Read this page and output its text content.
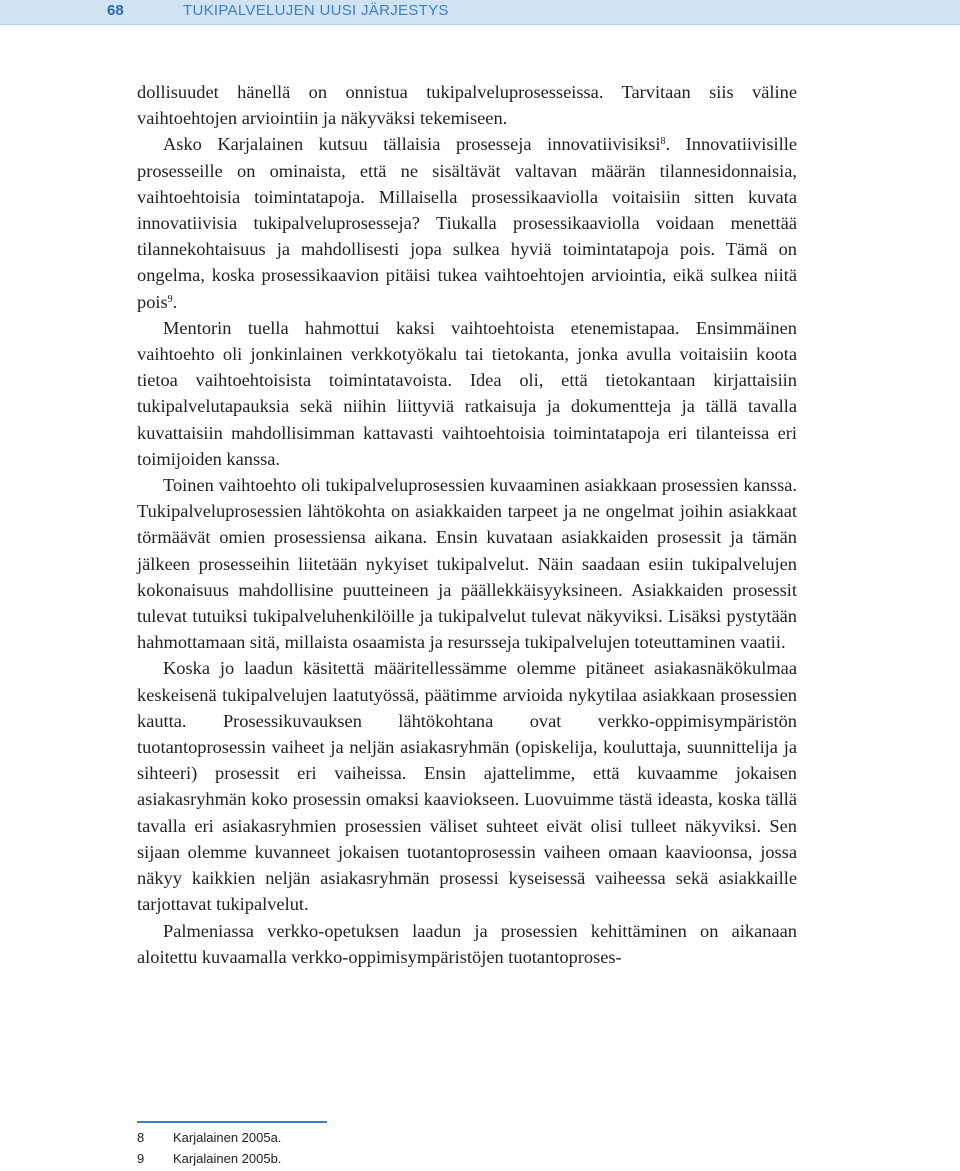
68	TUKIPALVELUJEN UUSI JÄRJESTYS

dollisuudet hänellä on onnistua tukipalveluprosesseissa. Tarvitaan siis väline vaihtoehtojen arviointiin ja näkyväksi tekemiseen.

Asko Karjalainen kutsuu tällaisia prosesseja innovatiivisiksi$^8$. Innovatiivisille prosesseille on ominaista, että ne sisältävät valtavan määrän tilannesidonnaisia, vaihtoehtoisia toimintatapoja. Millaisella prosessikaaviolla voitaisiin sitten kuvata innovatiivisia tukipalveluprosesseja? Tiukalla prosessikaaviolla voidaan menettää tilannekohtaisuus ja mahdollisesti jopa sulkea hyviä toimintatapoja pois. Tämä on ongelma, koska prosessikaavion pitäisi tukea vaihtoehtojen arviointia, eikä sulkea niitä pois$^9$.

Mentorin tuella hahmottui kaksi vaihtoehtoista etenemistapaa. Ensimmäinen vaihtoehto oli jonkinlainen verkkotyökalu tai tietokanta, jonka avulla voitaisiin koota tietoa vaihtoehtoisista toimintatavoista. Idea oli, että tietokantaan kirjattaisiin tukipalvelutapauksia sekä niihin liittyviä ratkaisuja ja dokumentteja ja tällä tavalla kuvattaisiin mahdollisimman kattavasti vaihtoehtoisia toimintatapoja eri tilanteissa eri toimijoiden kanssa.

Toinen vaihtoehto oli tukipalveluprosessien kuvaaminen asiakkaan prosessien kanssa. Tukipalveluprosessien lähtökohta on asiakkaiden tarpeet ja ne ongelmat joihin asiakkaat törmäävät omien prosessiensa aikana. Ensin kuvataan asiakkaiden prosessit ja tämän jälkeen prosesseihin liitetään nykyiset tukipalvelut. Näin saadaan esiin tukipalvelujen kokonaisuus mahdollisine puutteineen ja päällekkäisyyksineen. Asiakkaiden prosessit tulevat tutuiksi tukipalveluhenkilöille ja tukipalvelut tulevat näkyviksi. Lisäksi pystytään hahmottamaan sitä, millaista osaamista ja resursseja tukipalvelujen toteuttaminen vaatii.

Koska jo laadun käsitettä määritellessämme olemme pitäneet asiakasnäkökulmaa keskeisenä tukipalvelujen laatutyössä, päätimme arvioida nykytilaa asiakkaan prosessien kautta. Prosessikuvauksen lähtökohtana ovat verkko-oppimisympäristön tuotantoprosessin vaiheet ja neljän asiakasryhmän (opiskelija, kouluttaja, suunnittelija ja sihteeri) prosessit eri vaiheissa. Ensin ajattelimme, että kuvaamme jokaisen asiakasryhmän koko prosessin omaksi kaaviokseen. Luovuimme tästä ideasta, koska tällä tavalla eri asiakasryhmien prosessien väliset suhteet eivät olisi tulleet näkyviksi. Sen sijaan olemme kuvanneet jokaisen tuotantoprosessin vaiheen omaan kaavioonsa, jossa näkyy kaikkien neljän asiakasryhmän prosessi kyseisessä vaiheessa sekä asiakkaille tarjottavat tukipalvelut.

Palmeniassa verkko-opetuksen laadun ja prosessien kehittäminen on aikanaan aloitettu kuvaamalla verkko-oppimisympäristöjen tuotantoproses-

8	Karjalainen 2005a.
9	Karjalainen 2005b.
